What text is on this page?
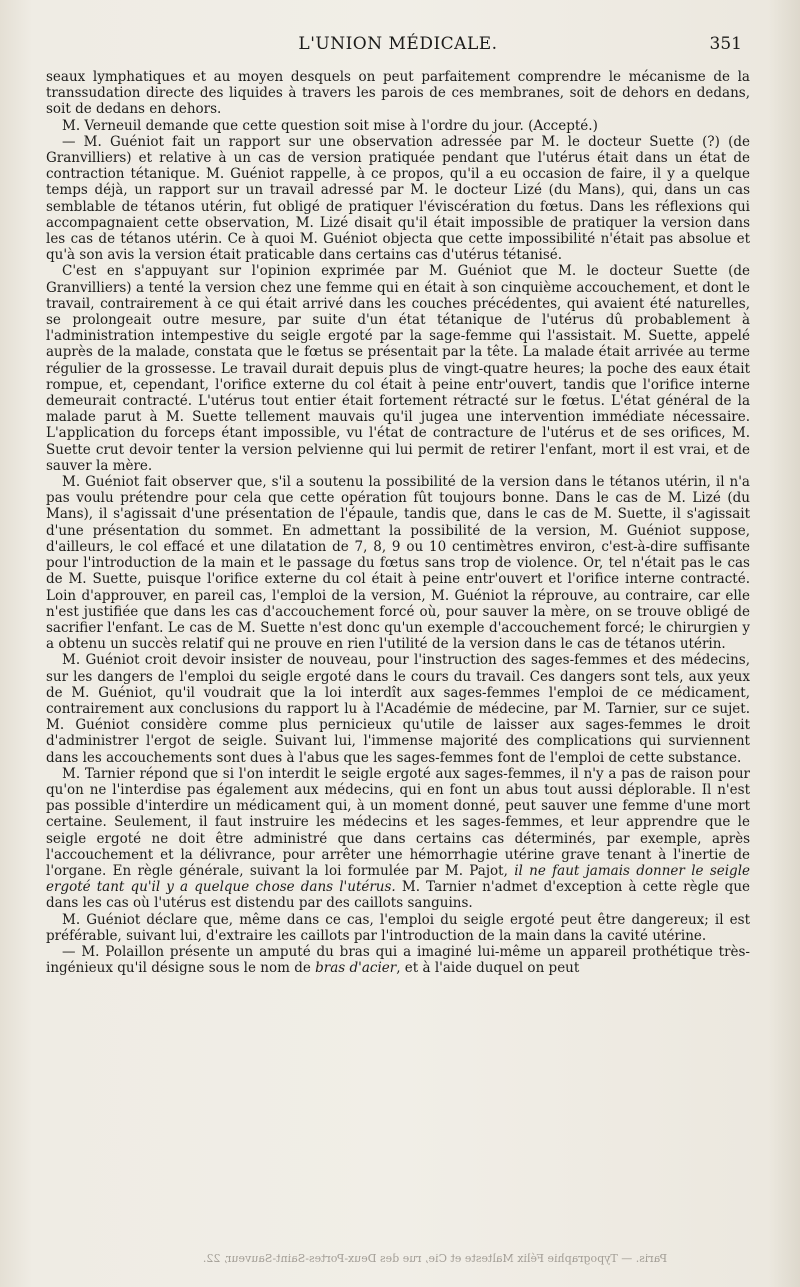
L'UNION MÉDICALE.	351

seaux lymphatiques et au moyen desquels on peut parfaitement comprendre le mécanisme de la transsudation directe des liquides à travers les parois de ces membranes, soit de dehors en dedans, soit de dedans en dehors.

M. Verneuil demande que cette question soit mise à l'ordre du jour. (Accepté.)

— M. Guéniot fait un rapport sur une observation adressée par M. le docteur Suette (?) (de Granvilliers) et relative à un cas de version pratiquée pendant que l'utérus était dans un état de contraction tétanique. M. Guéniot rappelle, à ce propos, qu'il a eu occasion de faire, il y a quelque temps déjà, un rapport sur un travail adressé par M. le docteur Lizé (du Mans), qui, dans un cas semblable de tétanos utérin, fut obligé de pratiquer l'éviscération du fœtus. Dans les réflexions qui accompagnaient cette observation, M. Lizé disait qu'il était impossible de pratiquer la version dans les cas de tétanos utérin. Ce à quoi M. Guéniot objecta que cette impossibilité n'était pas absolue et qu'à son avis la version était praticable dans certains cas d'utérus tétanisé.

C'est en s'appuyant sur l'opinion exprimée par M. Guéniot que M. le docteur Suette (de Granvilliers) a tenté la version chez une femme qui en était à son cinquième accouchement, et dont le travail, contrairement à ce qui était arrivé dans les couches précédentes, qui avaient été naturelles, se prolongeait outre mesure, par suite d'un état tétanique de l'utérus dû probablement à l'administration intempestive du seigle ergoté par la sage-femme qui l'assistait. M. Suette, appelé auprès de la malade, constata que le fœtus se présentait par la tête. La malade était arrivée au terme régulier de la grossesse. Le travail durait depuis plus de vingt-quatre heures; la poche des eaux était rompue, et, cependant, l'orifice externe du col était à peine entr'ouvert, tandis que l'orifice interne demeurait contracté. L'utérus tout entier était fortement rétracté sur le fœtus. L'état général de la malade parut à M. Suette tellement mauvais qu'il jugea une intervention immédiate nécessaire. L'application du forceps étant impossible, vu l'état de contracture de l'utérus et de ses orifices, M. Suette crut devoir tenter la version pelvienne qui lui permit de retirer l'enfant, mort il est vrai, et de sauver la mère.

M. Guéniot fait observer que, s'il a soutenu la possibilité de la version dans le tétanos utérin, il n'a pas voulu prétendre pour cela que cette opération fût toujours bonne. Dans le cas de M. Lizé (du Mans), il s'agissait d'une présentation de l'épaule, tandis que, dans le cas de M. Suette, il s'agissait d'une présentation du sommet. En admettant la possibilité de la version, M. Guéniot suppose, d'ailleurs, le col effacé et une dilatation de 7, 8, 9 ou 10 centimètres environ, c'est-à-dire suffisante pour l'introduction de la main et le passage du fœtus sans trop de violence. Or, tel n'était pas le cas de M. Suette, puisque l'orifice externe du col était à peine entr'ouvert et l'orifice interne contracté. Loin d'approuver, en pareil cas, l'emploi de la version, M. Guéniot la réprouve, au contraire, car elle n'est justifiée que dans les cas d'accouchement forcé où, pour sauver la mère, on se trouve obligé de sacrifier l'enfant. Le cas de M. Suette n'est donc qu'un exemple d'accouchement forcé; le chirurgien y a obtenu un succès relatif qui ne prouve en rien l'utilité de la version dans le cas de tétanos utérin.

M. Guéniot croit devoir insister de nouveau, pour l'instruction des sages-femmes et des médecins, sur les dangers de l'emploi du seigle ergoté dans le cours du travail. Ces dangers sont tels, aux yeux de M. Guéniot, qu'il voudrait que la loi interdît aux sages-femmes l'emploi de ce médicament, contrairement aux conclusions du rapport lu à l'Académie de médecine, par M. Tarnier, sur ce sujet. M. Guéniot considère comme plus pernicieux qu'utile de laisser aux sages-femmes le droit d'administrer l'ergot de seigle. Suivant lui, l'immense majorité des complications qui surviennent dans les accouchements sont dues à l'abus que les sages-femmes font de l'emploi de cette substance.

M. Tarnier répond que si l'on interdit le seigle ergoté aux sages-femmes, il n'y a pas de raison pour qu'on ne l'interdise pas également aux médecins, qui en font un abus tout aussi déplorable. Il n'est pas possible d'interdire un médicament qui, à un moment donné, peut sauver une femme d'une mort certaine. Seulement, il faut instruire les médecins et les sages-femmes, et leur apprendre que le seigle ergoté ne doit être administré que dans certains cas déterminés, par exemple, après l'accouchement et la délivrance, pour arrêter une hémorrhagie utérine grave tenant à l'inertie de l'organe. En règle générale, suivant la loi formulée par M. Pajot, il ne faut jamais donner le seigle ergoté tant qu'il y a quelque chose dans l'utérus. M. Tarnier n'admet d'exception à cette règle que dans les cas où l'utérus est distendu par des caillots sanguins.

M. Guéniot déclare que, même dans ce cas, l'emploi du seigle ergoté peut être dangereux; il est préférable, suivant lui, d'extraire les caillots par l'introduction de la main dans la cavité utérine.

— M. Polaillon présente un amputé du bras qui a imaginé lui-même un appareil prothétique très-ingénieux qu'il désigne sous le nom de bras d'acier, et à l'aide duquel on peut

Paris. — Typographie Félix Malteste et Cie, rue des Deux-Portes-Saint-Sauveur, 22.
